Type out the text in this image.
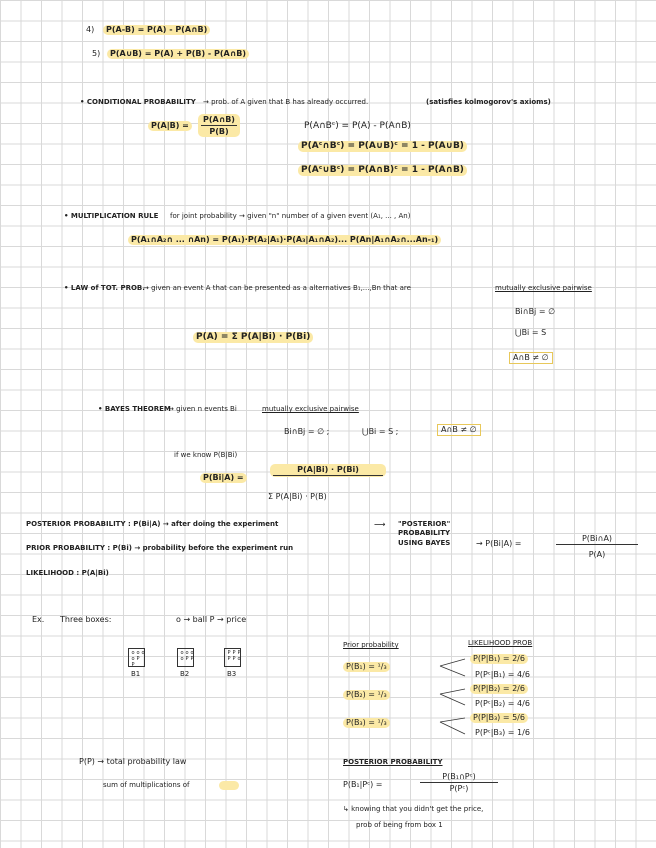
4)	P(A-B) = P(A) - P(A∩B)
5)	P(A∪B) = P(A) + P(B) - P(A∩B)
• CONDITIONAL PROBABILITY → prob. of A given that B has already occurred.	(satisfies kolmogorov's axioms)
P(A|B) =	$\frac{P(A\cap B)}{P(B)}$	P(A∩Bᶜ) = P(A) - P(A∩B)
P(Aᶜ∩Bᶜ) = P(A∪B)ᶜ = 1 - P(A∪B)
P(Aᶜ∪Bᶜ) = P(A∩B)ᶜ = 1 - P(A∩B)
• MULTIPLICATION RULE for joint probability → given "n" number of a given event (A₁, ... , An)
P(A₁∩A₂∩ ... ∩An) = P(A₁)·P(A₂|A₁)·P(A₃|A₁∩A₂)... P(An|A₁∩A₂∩...An-₁)
• LAW of TOT. PROB.
→ given an event A that can be presented as a alternatives B₁,...,Bn that are	mutually exclusive pairwise
P(A) = Σ P(A|Bi) · P(Bi)
Bi∩Bj = ∅
⋃Bi = S
A∩B ≠ ∅
• BAYES THEOREM
→ given n events Bi	mutually exclusive pairwise
Bi∩Bj = ∅ ;	⋃Bi = S ;	A∩B ≠ ∅
if we know P(B|Bi)
P(Bi|A) =
P(A|Bi) · P(Bi)
Σ P(A|Bi) · P(B)
POSTERIOR PROBABILITY : P(Bi|A) → after doing the experiment
PRIOR PROBABILITY : P(Bi) → probability before the experiment run
LIKELIHOOD : P(A|Bi)
⟶ "POSTERIOR" PROBABILITY USING BAYES	→ P(Bi|A) =	$\frac{P(Bi\cap A)}{P(A)}$
Ex. Three boxes:	o → ball P → price
o o o
o P
P
B1
o o o
o P P
B2
P P P
P P o
B3
Prior probability	LIKELIHOOD PROB
P(B₁) = ¹/₃
P(B₂) = ¹/₃
P(B₃) = ¹/₃
P(P|B₁) = 2/6
P(Pᶜ|B₁) = 4/6
P(P|B₂) = 2/6
P(Pᶜ|B₂) = 4/6
P(P|B₃) = 5/6
P(Pᶜ|B₃) = 1/6
P(P) → total probability law
sum of multiplications of
POSTERIOR PROBABILITY
P(B₁|Pᶜ) =	$\frac{\text{P(B₁∩Pᶜ)}}{\text{P(Pᶜ)}}$
↳ knowing that you didn't get the price,
prob of being from box 1
